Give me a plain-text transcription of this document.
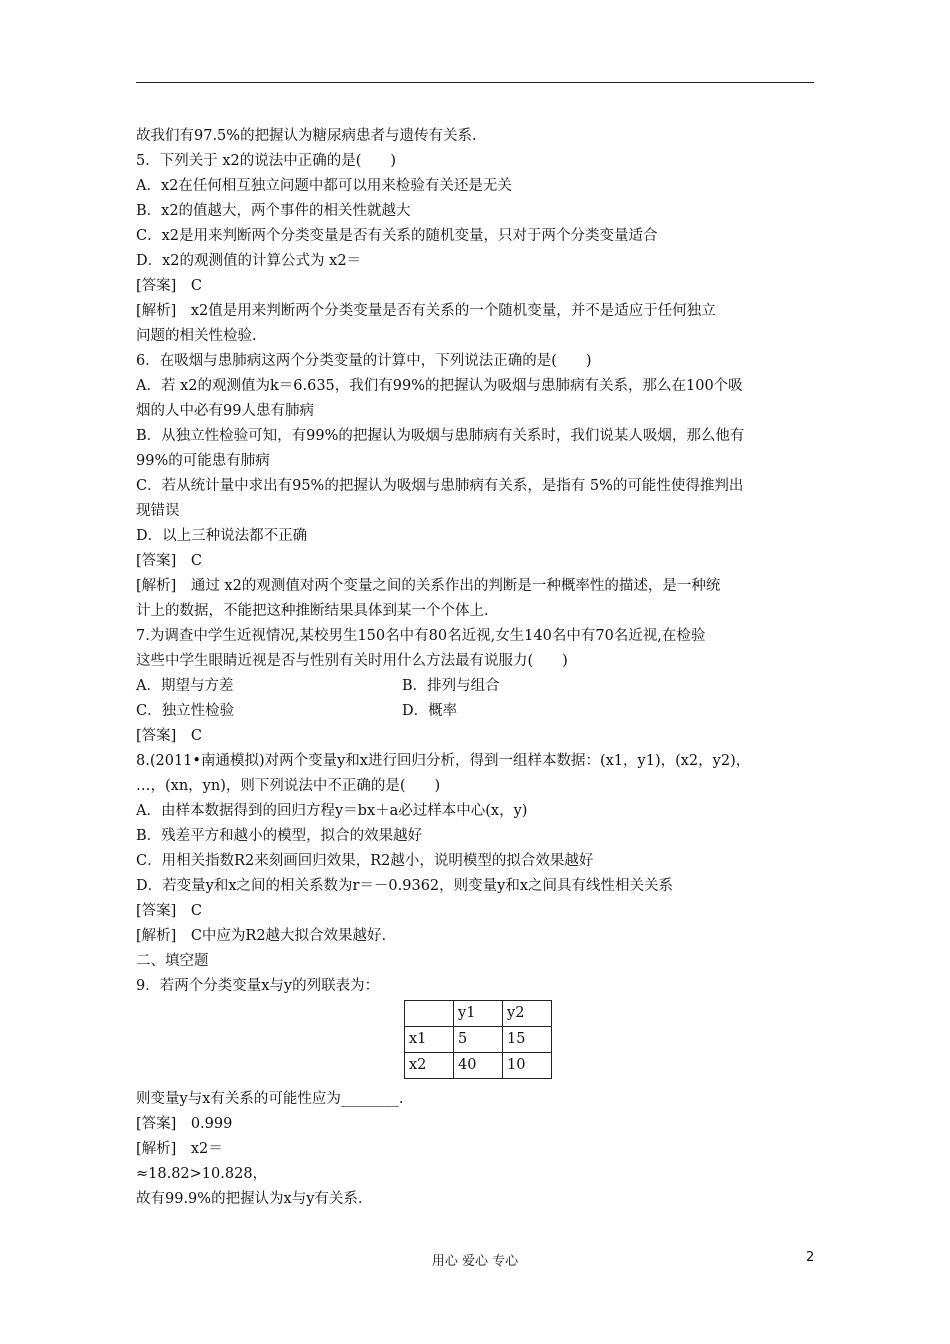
故我们有97.5%的把握认为糖尿病患者与遗传有关系.
5．下列关于 x2的说法中正确的是(　　)
A．x2在任何相互独立问题中都可以用来检验有关还是无关
B．x2的值越大，两个事件的相关性就越大
C．x2是用来判断两个分类变量是否有关系的随机变量，只对于两个分类变量适合
D．x2的观测值的计算公式为 x2＝
[答案]　C
[解析]　x2值是用来判断两个分类变量是否有关系的一个随机变量，并不是适应于任何独立
问题的相关性检验.
6．在吸烟与患肺病这两个分类变量的计算中，下列说法正确的是(　　)
A．若 x2的观测值为k＝6.635，我们有99%的把握认为吸烟与患肺病有关系，那么在100个吸
烟的人中必有99人患有肺病
B．从独立性检验可知，有99%的把握认为吸烟与患肺病有关系时，我们说某人吸烟，那么他有
99%的可能患有肺病
C．若从统计量中求出有95%的把握认为吸烟与患肺病有关系，是指有 5%的可能性使得推判出
现错误
D．以上三种说法都不正确
[答案]　C
[解析]　通过 x2的观测值对两个变量之间的关系作出的判断是一种概率性的描述，是一种统
计上的数据，不能把这种推断结果具体到某一个个体上.
7.为调查中学生近视情况,某校男生150名中有80名近视,女生140名中有70名近视,在检验
这些中学生眼睛近视是否与性别有关时用什么方法最有说服力(　　)
A．期望与方差	B．排列与组合
C．独立性检验	D．概率
[答案]　C
8.(2011•南通模拟)对两个变量y和x进行回归分析，得到一组样本数据：(x1，y1)，(x2，y2)，
…，(xn，yn)，则下列说法中不正确的是(　　)
A．由样本数据得到的回归方程y＝bx＋a必过样本中心(x，y)
B．残差平方和越小的模型，拟合的效果越好
C．用相关指数R2来刻画回归效果，R2越小，说明模型的拟合效果越好
D．若变量y和x之间的相关系数为r＝－0.9362，则变量y和x之间具有线性相关关系
[答案]　C
[解析]　C中应为R2越大拟合效果越好.
二、填空题
9．若两个分类变量x与y的列联表为：
	y1	y2
x1	5	15
x2	40	10
则变量y与x有关系的可能性应为________.
[答案]　0.999
[解析]　x2＝
≈18.82>10.828，
故有99.9%的把握认为x与y有关系.
用心 爱心 专心	2
